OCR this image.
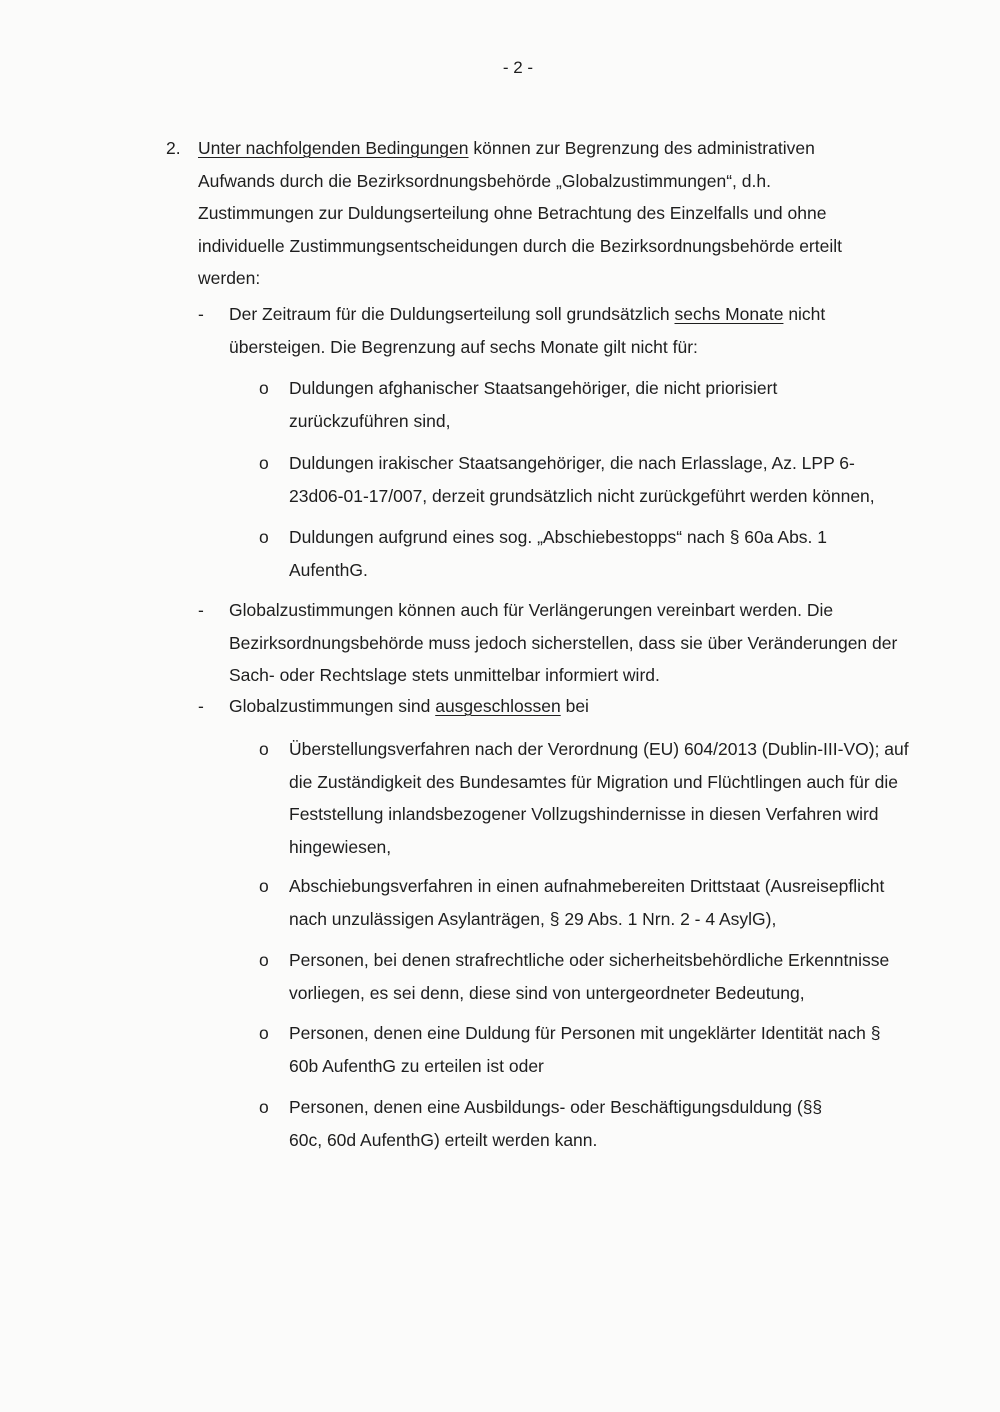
- 2 -
2. Unter nachfolgenden Bedingungen können zur Begrenzung des administrativen Aufwands durch die Bezirksordnungsbehörde „Globalzustimmungen“, d.h. Zustimmungen zur Duldungserteilung ohne Betrachtung des Einzelfalls und ohne individuelle Zustimmungsentscheidungen durch die Bezirksordnungsbehörde erteilt werden:
- Der Zeitraum für die Duldungserteilung soll grundsätzlich sechs Monate nicht übersteigen. Die Begrenzung auf sechs Monate gilt nicht für:
o Duldungen afghanischer Staatsangehöriger, die nicht priorisiert zurückzuführen sind,
o Duldungen irakischer Staatsangehöriger, die nach Erlasslage, Az. LPP 6-23d06-01-17/007, derzeit grundsätzlich nicht zurückgeführt werden können,
o Duldungen aufgrund eines sog. „Abschiebestopps“ nach § 60a Abs. 1 AufenthG.
- Globalzustimmungen können auch für Verlängerungen vereinbart werden. Die Bezirksordnungsbehörde muss jedoch sicherstellen, dass sie über Veränderungen der Sach- oder Rechtslage stets unmittelbar informiert wird.
- Globalzustimmungen sind ausgeschlossen bei
o Überstellungsverfahren nach der Verordnung (EU) 604/2013 (Dublin-III-VO); auf die Zuständigkeit des Bundesamtes für Migration und Flüchtlingen auch für die Feststellung inlandsbezogener Vollzugshindernisse in diesen Verfahren wird hingewiesen,
o Abschiebungsverfahren in einen aufnahmebereiten Drittstaat (Ausreisepflicht nach unzulässigen Asylanträgen, § 29 Abs. 1 Nrn. 2 - 4 AsylG),
o Personen, bei denen strafrechtliche oder sicherheitsbehördliche Erkenntnisse vorliegen, es sei denn, diese sind von untergeordneter Bedeutung,
o Personen, denen eine Duldung für Personen mit ungeklärter Identität nach § 60b AufenthG zu erteilen ist oder
o Personen, denen eine Ausbildungs- oder Beschäftigungsduldung (§§ 60c, 60d AufenthG) erteilt werden kann.
